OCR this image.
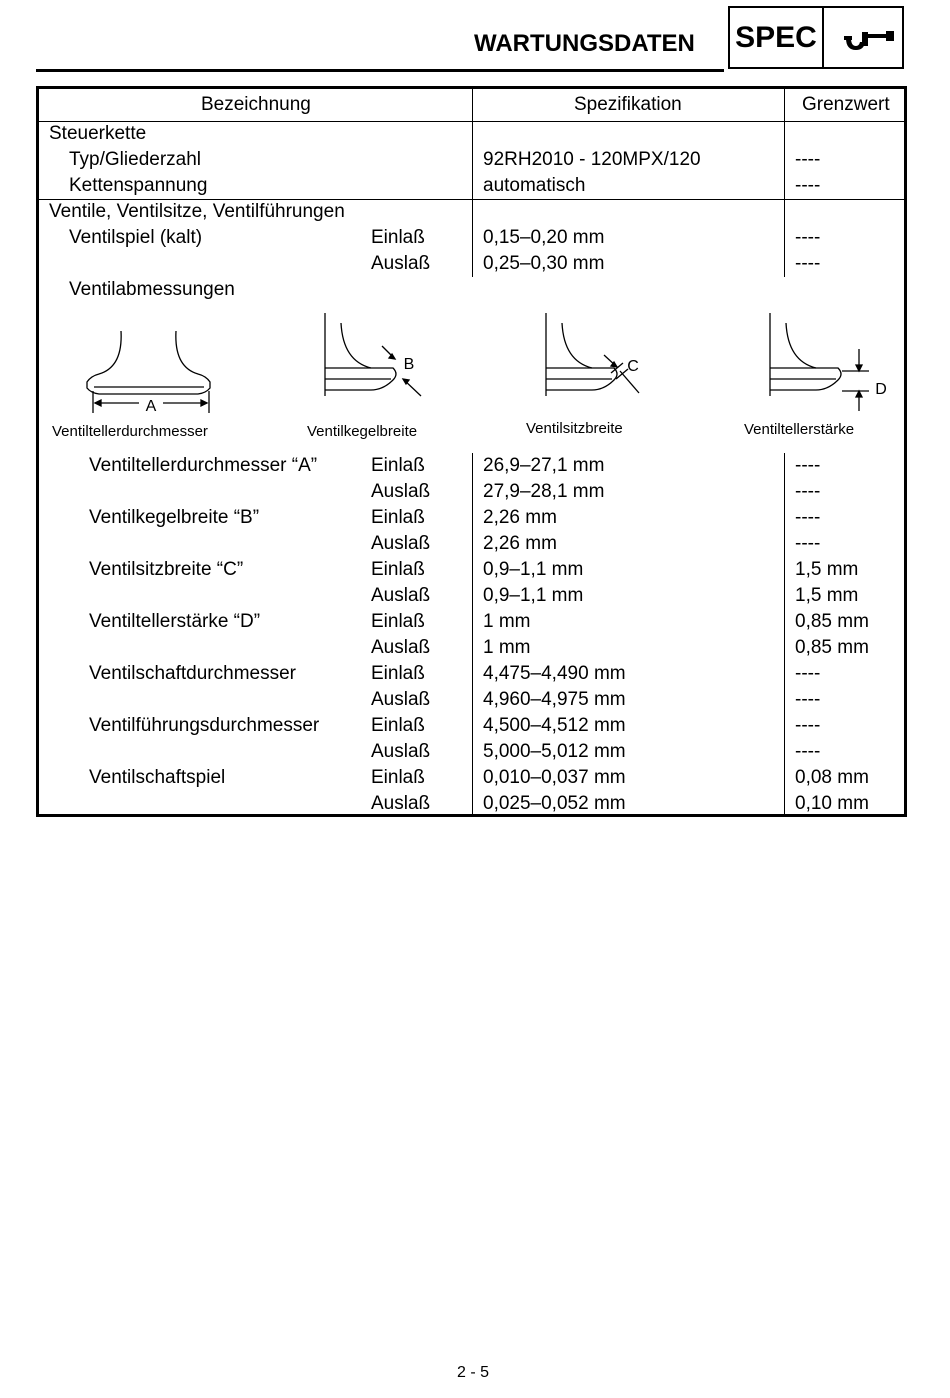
WARTUNGSDATEN SPEC
Bezeichnung	Spezifikation	Grenzwert
Steuerkette
Typ/Gliederzahl	92RH2010 - 120MPX/120	----
Kettenspannung	automatisch	----
Ventile, Ventilsitze, Ventilführungen
Ventilspiel (kalt)	Einlaß	0,15–0,20 mm	----
Auslaß	0,25–0,30 mm	----
Ventilabmessungen
A
B	C
D
Ventiltellerdurchmesser	Ventilkegelbreite	Ventilsitzbreite	Ventiltellerstärke
Ventiltellerdurchmesser “A”	Einlaß	26,9–27,1 mm	----
Auslaß	27,9–28,1 mm	----
Ventilkegelbreite “B”	Einlaß	2,26 mm	----
Auslaß	2,26 mm	----
Ventilsitzbreite “C”	Einlaß	0,9–1,1 mm	1,5 mm
Auslaß	0,9–1,1 mm	1,5 mm
Ventiltellerstärke “D”	Einlaß	1 mm	0,85 mm
Auslaß	1 mm	0,85 mm
Ventilschaftdurchmesser	Einlaß	4,475–4,490 mm	----
Auslaß	4,960–4,975 mm	----
Ventilführungsdurchmesser	Einlaß	4,500–4,512 mm	----
Auslaß	5,000–5,012 mm	----
Ventilschaftspiel	Einlaß	0,010–0,037 mm	0,08 mm
Auslaß	0,025–0,052 mm	0,10 mm
2 - 5
